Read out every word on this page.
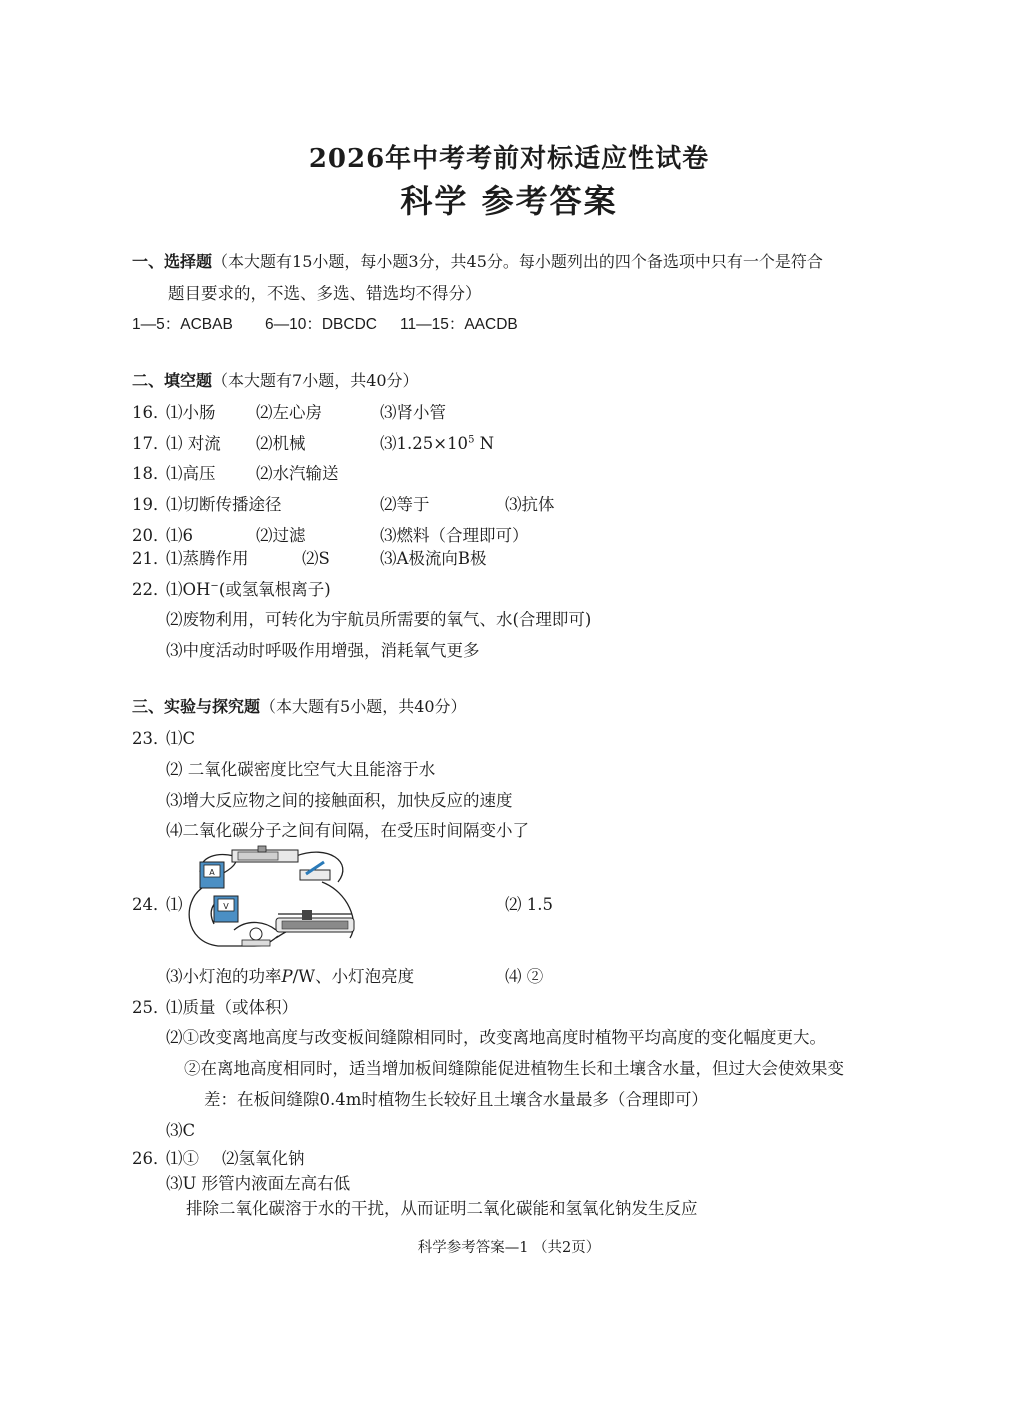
2026年中考考前对标适应性试卷
科学 参考答案
一、选择题（本大题有15小题，每小题3分，共45分。每小题列出的四个备选项中只有一个是符合
题目要求的，不选、多选、错选均不得分）
1—5：ACBAB 6—10：DBCDC 11—15：AACDB
二、填空题（本大题有7小题，共40分）
16．
⑴小肠 ⑵左心房	⑶肾小管
17．
⑴ 对流 ⑵机械	$⑶1.25\times 10^5$ N
18．
⑴高压 ⑵水汽输送
19．
⑴切断传播途径	⑵等于	⑶抗体
20．
⑴6	⑵过滤	⑶燃料（合理即可）
21．
⑴蒸腾作用	⑵S	⑶A极流向B极
22．
⑴OH−(或氢氧根离子)
⑵废物利用，可转化为宇航员所需要的氧气、水(合理即可)
⑶中度活动时呼吸作用增强，消耗氧气更多
三、实验与探究题（本大题有5小题，共40分）
23．
⑴C
⑵ 二氧化碳密度比空气大且能溶于水
⑶增大反应物之间的接触面积，加快反应的速度
⑷二氧化碳分子之间有间隔，在受压时间隔变小了
24．
⑴
A
V	⑵ 1.5
⑶小灯泡的功率P/W、小灯泡亮度	⑷ ②
25．
⑴质量（或体积）
⑵①改变离地高度与改变板间缝隙相同时，改变离地高度时植物平均高度的变化幅度更大。
②在离地高度相同时，适当增加板间缝隙能促进植物生长和土壤含水量，但过大会使效果变
差：在板间缝隙0.4m时植物生长较好且土壤含水量最多（合理即可）
⑶C
26．
⑴① ⑵氢氧化钠
⑶U 形管内液面左高右低
排除二氧化碳溶于水的干扰，从而证明二氧化碳能和氢氧化钠发生反应
科学参考答案—1 （共2页）
